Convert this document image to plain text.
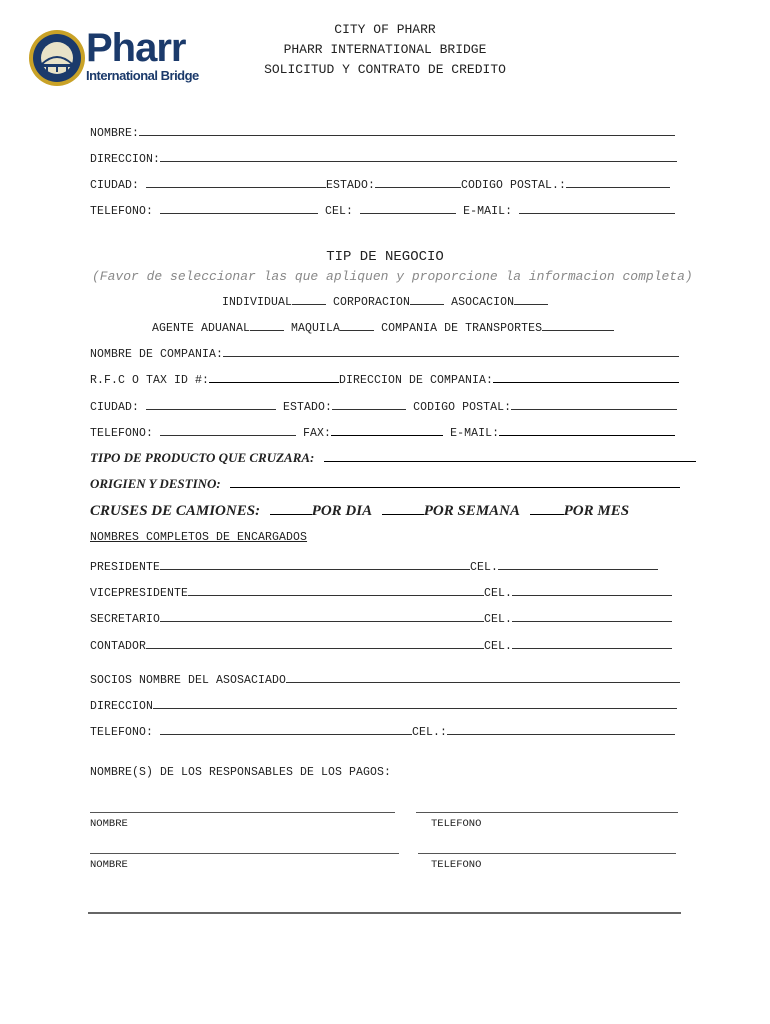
Pharr
International Bridge
CITY OF PHARR
PHARR INTERNATIONAL BRIDGE
SOLICITUD Y CONTRATO DE CREDITO
NOMBRE:
DIRECCION:
CIUDAD:	ESTADO:	CODIGO POSTAL.:
TELEFONO:	CEL:	E-MAIL:
TIP DE NEGOCIO
(Favor de seleccionar las que apliquen y proporcione la informacion completa)
INDIVIDUAL	CORPORACION	ASOCACION
AGENTE ADUANAL	MAQUILA	COMPANIA DE TRANSPORTES
NOMBRE DE COMPANIA:
R.F.C O TAX ID #:	DIRECCION DE COMPANIA:
CIUDAD:	ESTADO:	CODIGO POSTAL:
TELEFONO:	FAX:	E-MAIL:
TIPO DE PRODUCTO QUE CRUZARA:
ORIGIEN Y DESTINO:
CRUSES DE CAMIONES:	POR DIA	POR SEMANA	POR MES
NOMBRES COMPLETOS DE ENCARGADOS
PRESIDENTE	CEL.
VICEPRESIDENTE	CEL.
SECRETARIO	CEL.
CONTADOR	CEL.
SOCIOS NOMBRE DEL ASOSACIADO
DIRECCION
TELEFONO:	CEL.:
NOMBRE(S) DE LOS RESPONSABLES DE LOS PAGOS:
NOMBRE	TELEFONO
NOMBRE	TELEFONO
